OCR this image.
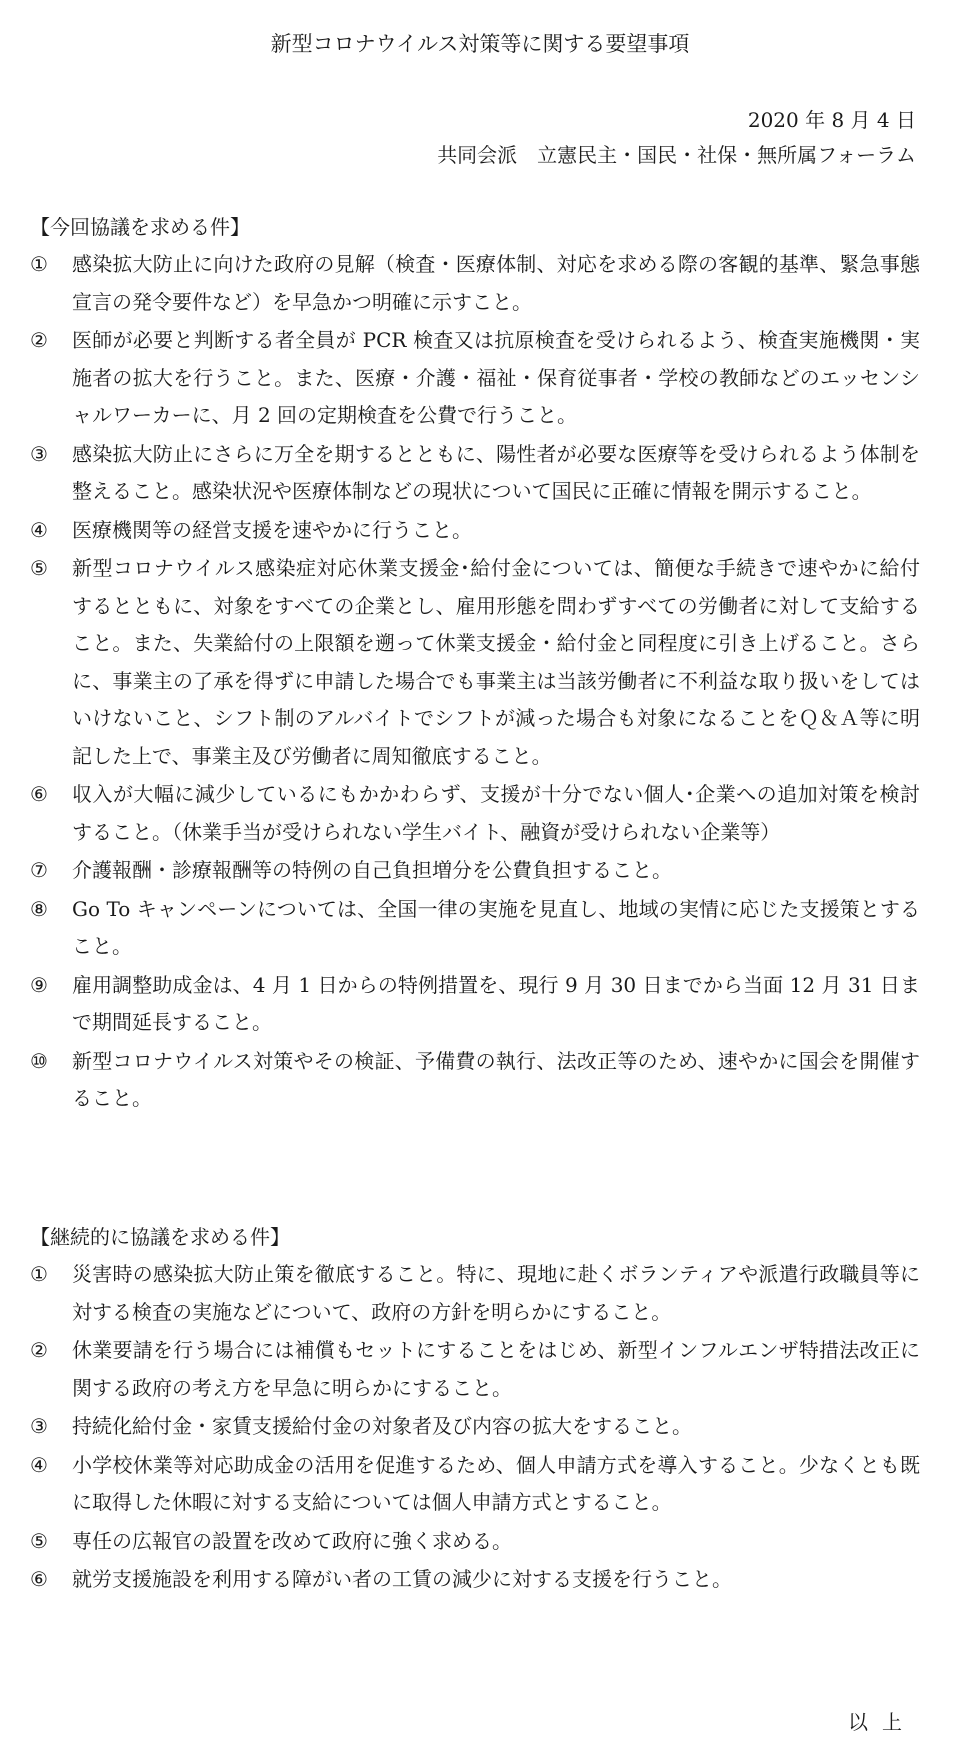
新型コロナウイルス対策等に関する要望事項
2020 年 8 月 4 日
共同会派　立憲民主・国民・社保・無所属フォーラム

【今回協議を求める件】

①	感染拡大防止に向けた政府の見解（検査・医療体制、対応を求める際の客観的基準、緊急事態宣言の発令要件など）を早急かつ明確に示すこと。
②	医師が必要と判断する者全員が PCR 検査又は抗原検査を受けられるよう、検査実施機関・実施者の拡大を行うこと。また、医療・介護・福祉・保育従事者・学校の教師などのエッセンシャルワーカーに、月 2 回の定期検査を公費で行うこと。
③	感染拡大防止にさらに万全を期するとともに、陽性者が必要な医療等を受けられるよう体制を整えること。感染状況や医療体制などの現状について国民に正確に情報を開示すること。
④	医療機関等の経営支援を速やかに行うこと。
⑤	新型コロナウイルス感染症対応休業支援金･給付金については、簡便な手続きで速やかに給付するとともに、対象をすべての企業とし、雇用形態を問わずすべての労働者に対して支給すること。また、失業給付の上限額を遡って休業支援金・給付金と同程度に引き上げること。さらに、事業主の了承を得ずに申請した場合でも事業主は当該労働者に不利益な取り扱いをしてはいけないこと、シフト制のアルバイトでシフトが減った場合も対象になることをＱ＆Ａ等に明記した上で、事業主及び労働者に周知徹底すること。
⑥	収入が大幅に減少しているにもかかわらず、支援が十分でない個人･企業への追加対策を検討すること。（休業手当が受けられない学生バイト、融資が受けられない企業等）
⑦	介護報酬・診療報酬等の特例の自己負担増分を公費負担すること。
⑧	Go To キャンペーンについては、全国一律の実施を見直し、地域の実情に応じた支援策とすること。
⑨	雇用調整助成金は、4 月 1 日からの特例措置を、現行 9 月 30 日までから当面 12 月 31 日まで期間延長すること。
⑩	新型コロナウイルス対策やその検証、予備費の執行、法改正等のため、速やかに国会を開催すること。

【継続的に協議を求める件】

①	災害時の感染拡大防止策を徹底すること。特に、現地に赴くボランティアや派遣行政職員等に対する検査の実施などについて、政府の方針を明らかにすること。
②	休業要請を行う場合には補償もセットにすることをはじめ、新型インフルエンザ特措法改正に関する政府の考え方を早急に明らかにすること。
③	持続化給付金・家賃支援給付金の対象者及び内容の拡大をすること。
④	小学校休業等対応助成金の活用を促進するため、個人申請方式を導入すること。少なくとも既に取得した休暇に対する支給については個人申請方式とすること。
⑤	専任の広報官の設置を改めて政府に強く求める。
⑥	就労支援施設を利用する障がい者の工賃の減少に対する支援を行うこと。
以上
